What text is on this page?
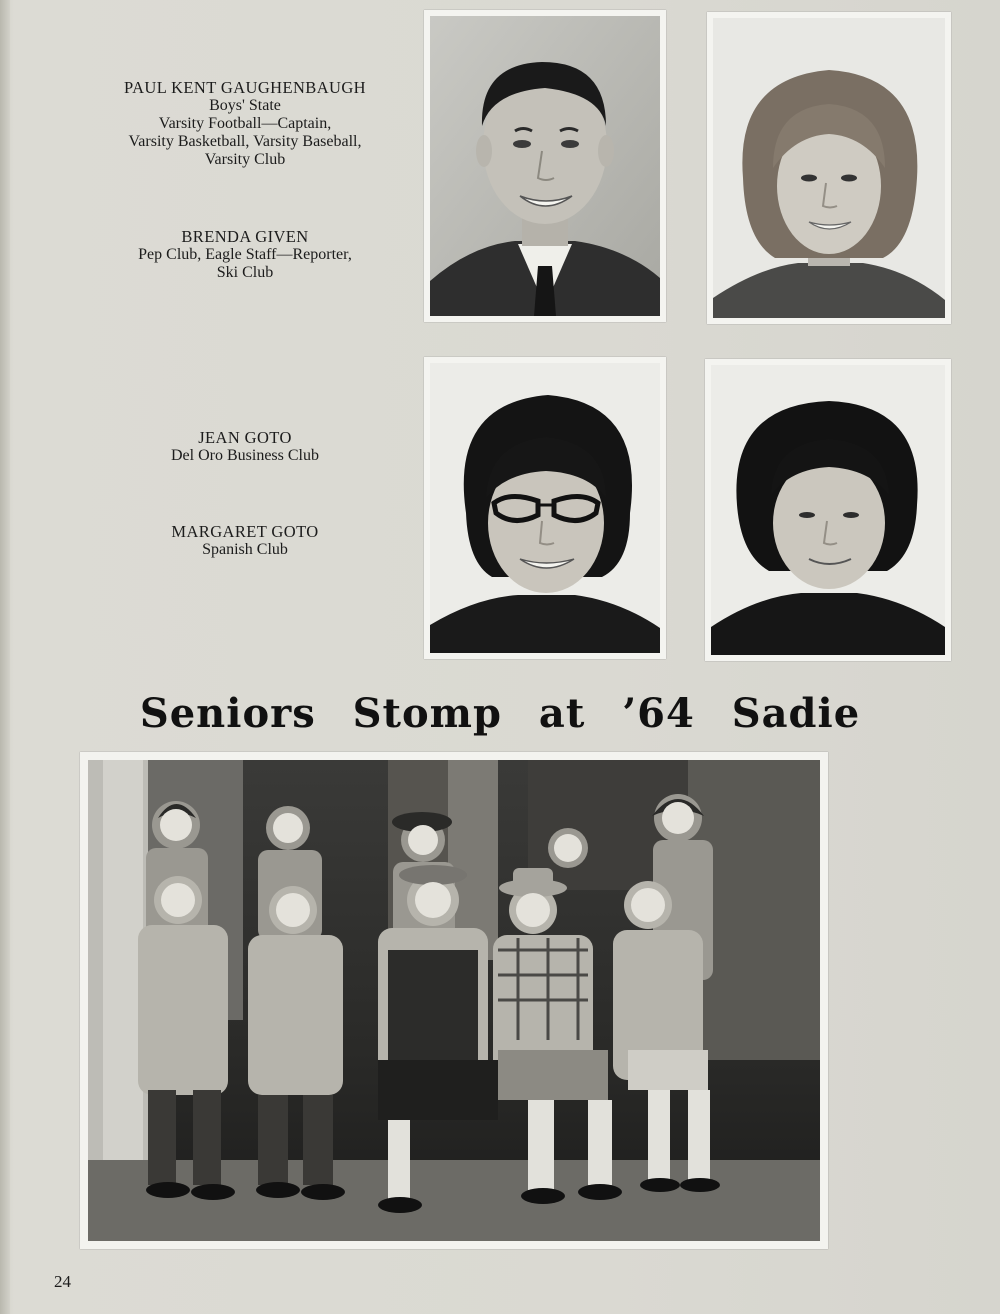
PAUL KENT GAUGHENBAUGH
Boys' State
Varsity Football—Captain,
Varsity Basketball, Varsity Baseball,
Varsity Club
BRENDA GIVEN
Pep Club, Eagle Staff—Reporter,
Ski Club
JEAN GOTO
Del Oro Business Club
MARGARET GOTO
Spanish Club
Seniors Stomp at ’64 Sadie
24
